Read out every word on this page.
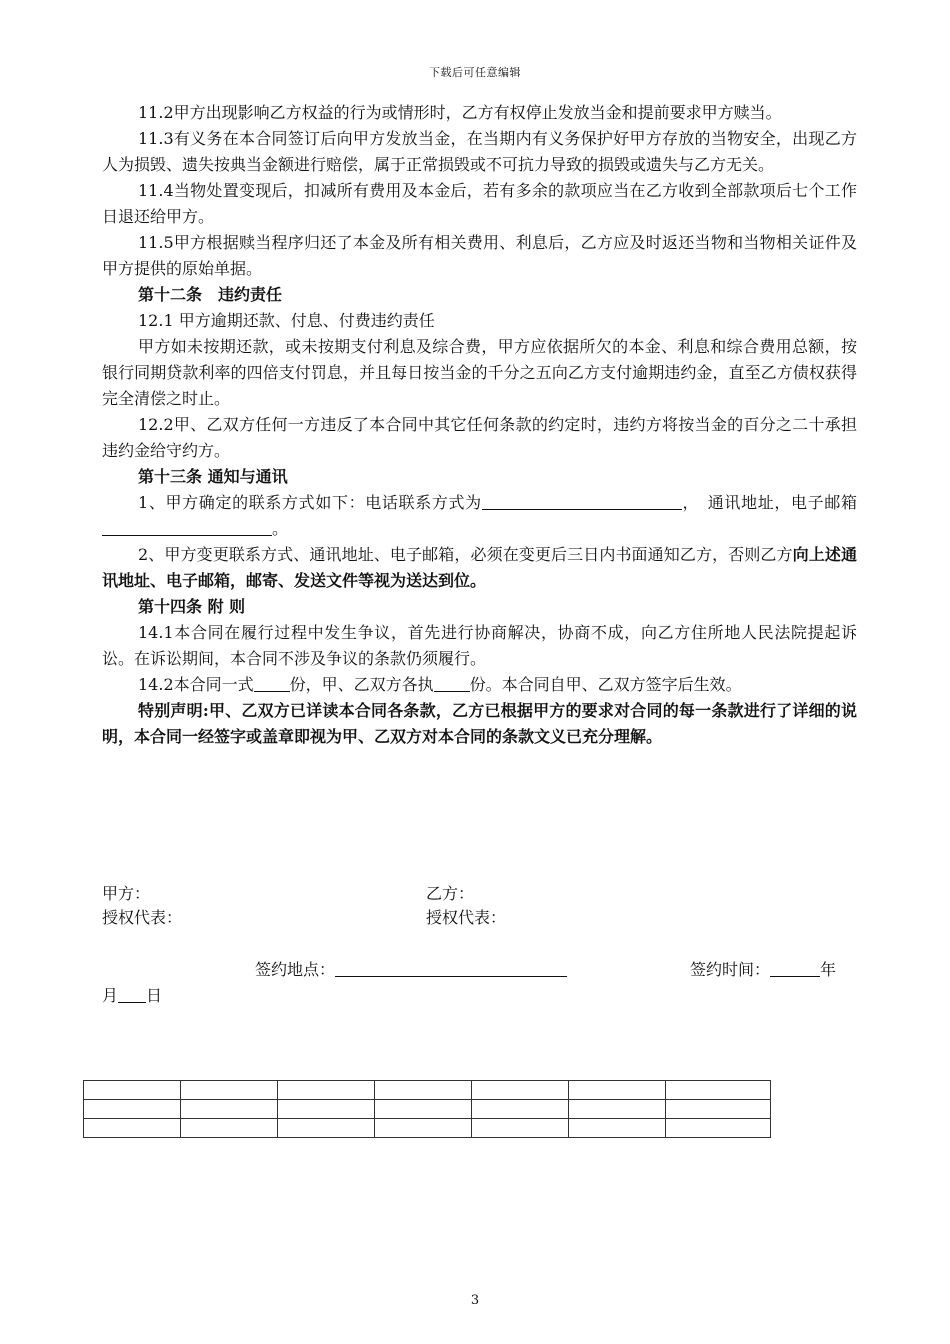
下载后可任意编辑

11.2甲方出现影响乙方权益的行为或情形时，乙方有权停止发放当金和提前要求甲方赎当。

11.3有义务在本合同签订后向甲方发放当金，在当期内有义务保护好甲方存放的当物安全，出现乙方人为损毁、遗失按典当金额进行赔偿，属于正常损毁或不可抗力导致的损毁或遗失与乙方无关。

11.4当物处置变现后，扣减所有费用及本金后，若有多余的款项应当在乙方收到全部款项后七个工作日退还给甲方。

11.5甲方根据赎当程序归还了本金及所有相关费用、利息后，乙方应及时返还当物和当物相关证件及甲方提供的原始单据。

第十二条　违约责任

12.1 甲方逾期还款、付息、付费违约责任

甲方如未按期还款，或未按期支付利息及综合费，甲方应依据所欠的本金、利息和综合费用总额，按银行同期贷款利率的四倍支付罚息，并且每日按当金的千分之五向乙方支付逾期违约金，直至乙方债权获得完全清偿之时止。

12.2甲、乙双方任何一方违反了本合同中其它任何条款的约定时，违约方将按当金的百分之二十承担违约金给守约方。

第十三条 通知与通讯

1、甲方确定的联系方式如下：电话联系方式为	，　通讯地址，电子邮箱。

2、甲方变更联系方式、通讯地址、电子邮箱，必须在变更后三日内书面通知乙方，否则乙方向上述通讯地址、电子邮箱，邮寄、发送文件等视为送达到位。

第十四条 附 则

14.1本合同在履行过程中发生争议，首先进行协商解决，协商不成，向乙方住所地人民法院提起诉讼。在诉讼期间，本合同不涉及争议的条款仍须履行。

14.2本合同一式 份，甲、乙双方各执 份。本合同自甲、乙双方签字后生效。

特别声明:甲、乙双方已详读本合同各条款，乙方已根据甲方的要求对合同的每一条款进行了详细的说明，本合同一经签字或盖章即视为甲、乙双方对本合同的条款文义已充分理解。

甲方：	乙方：
授权代表：	授权代表：
签约地点：	签约时间：	年
月 日

3
